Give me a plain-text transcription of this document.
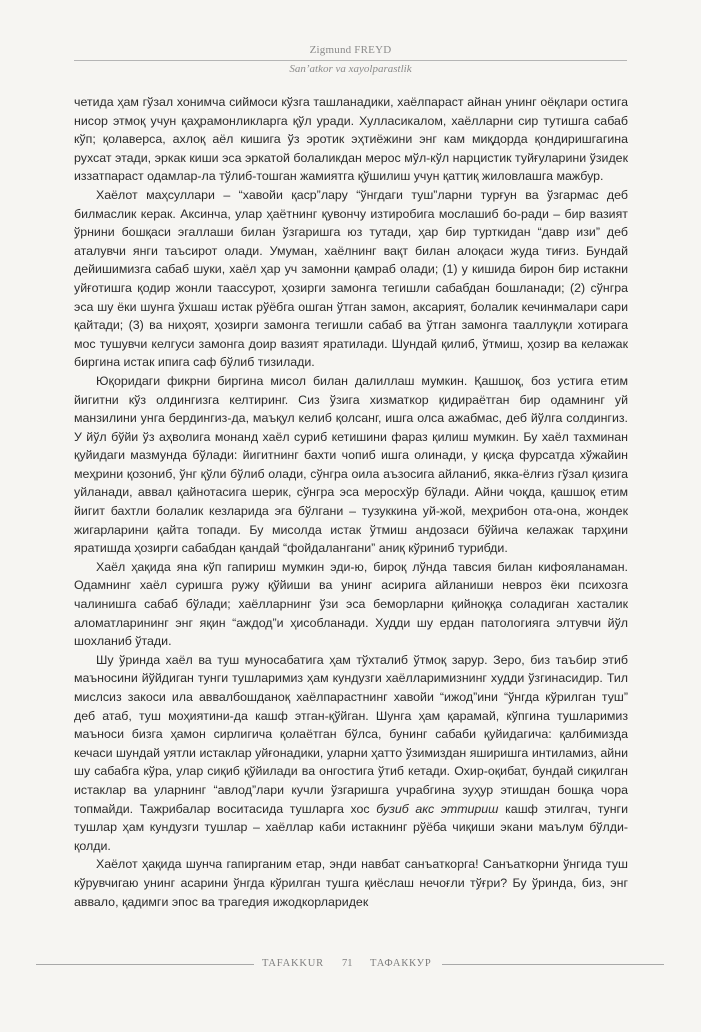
Zigmund FREYD
San’atkor va xayolparastlik

четида ҳам гўзал хонимча сиймоси кўзга ташланадики, хаёлпараст айнан унинг оёқлари остига нисор этмоқ учун қаҳрамонликларга қўл уради. Хулласикалом, хаёлларни сир тутишга сабаб кўп; қолаверса, ахлоқ аёл кишига ўз эротик эҳтиёжини энг кам миқдорда қондиришгагина рухсат этади, эркак киши эса эркатой болаликдан мерос мўл-кўл нарцистик туйғуларини ўзидек иззатпараст одамлар-ла тўлиб-тошган жамиятга қўшилиш учун қаттиқ жиловлашга мажбур.

Хаёлот маҳсуллари – “хавойи қаср”лару “ўнгдаги туш”ларни турғун ва ўзгармас деб билмаслик керак. Аксинча, улар ҳаётнинг қувончу изтиробига мослашиб бо-ради – бир вазият ўрнини бошқаси эгаллаши билан ўзгаришга юз тутади, ҳар бир турткидан “давр изи” деб аталувчи янги таъсирот олади. Умуман, хаёлнинг вақт билан алоқаси жуда тиғиз. Бундай дейишимизга сабаб шуки, хаёл ҳар уч замонни қамраб олади; (1) у кишида бирон бир истакни уйғотишга қодир жонли таассурот, ҳозирги замонга тегишли сабабдан бошланади; (2) сўнгра эса шу ёки шунга ўхшаш истак рўёбга ошган ўтган замон, аксарият, болалик кечинмалари сари қайтади; (3) ва ниҳоят, ҳозирги замонга тегишли сабаб ва ўтган замонга тааллуқли хотирага мос тушувчи келгуси замонга доир вазият яратилади. Шундай қилиб, ўтмиш, ҳозир ва келажак биргина истак ипига саф бўлиб тизилади.

Юқоридаги фикрни биргина мисол билан далиллаш мумкин. Қашшоқ, боз устига етим йигитни кўз олдингизга келтиринг. Сиз ўзига хизматкор қидираётган бир одамнинг уй манзилини унга бердингиз-да, маъқул келиб қолсанг, ишга олса ажабмас, деб йўлга солдингиз. У йўл бўйи ўз аҳволига монанд хаёл суриб кетишини фараз қилиш мумкин. Бу хаёл тахминан қуйидаги мазмунда бўлади: йигитнинг бахти чопиб ишга олинади, у қисқа фурсатда хўжайин меҳрини қозониб, ўнг қўли бўлиб олади, сўнгра оила аъзосига айланиб, якка-ёлғиз гўзал қизига уйланади, аввал қайнотасига шерик, сўнгра эса меросхўр бўлади. Айни чоқда, қашшоқ етим йигит бахтли болалик кезларида эга бўлгани – тузуккина уй-жой, меҳрибон ота-она, жондек жигарларини қайта топади. Бу мисолда истак ўтмиш андозаси бўйича келажак тарҳини яратишда ҳозирги сабабдан қандай “фойдалангани” аниқ кўриниб турибди.

Хаёл ҳақида яна кўп гапириш мумкин эди-ю, бироқ лўнда тавсия билан кифояланаман. Одамнинг хаёл суришга ружу қўйиши ва унинг асирига айланиши невроз ёки психозга чалинишга сабаб бўлади; хаёлларнинг ўзи эса беморларни қийноққа соладиган хасталик аломатларининг энг яқин “аждод”и ҳисобланади. Худди шу ердан патологияга элтувчи йўл шохланиб ўтади.

Шу ўринда хаёл ва туш муносабатига ҳам тўхталиб ўтмоқ зарур. Зеро, биз таъбир этиб маъносини йўйдиган тунги тушларимиз ҳам кундузги хаёлларимизнинг худди ўзгинасидир. Тил мислсиз закоси ила аввалбошданоқ хаёлпарастнинг хавойи “ижод”ини “ўнгда кўрилган туш” деб атаб, туш моҳиятини-да кашф этган-қўйган. Шунга ҳам қарамай, кўпгина тушларимиз маъноси бизга ҳамон сирлигича қолаётган бўлса, бунинг сабаби қуйидагича: қалбимизда кечаси шундай уятли истаклар уйғонадики, уларни ҳатто ўзимиздан яширишга интиламиз, айни шу сабабга кўра, улар сиқиб қўйилади ва онгостига ўтиб кетади. Охир-оқибат, бундай сиқилган истаклар ва уларнинг “авлод”лари кучли ўзгаришга учрабгина зуҳур этишдан бошқа чора топмайди. Тажрибалар воситасида тушларга хос бузиб акс эттириш кашф этилгач, тунги тушлар ҳам кундузги тушлар – хаёллар каби истакнинг рўёба чиқиши экани маълум бўлди-қолди.

Хаёлот ҳақида шунча гапирганим етар, энди навбат санъаткорга! Санъаткорни ўнгида туш кўрувчигаю унинг асарини ўнгда кўрилган тушга қиёслаш нечоғли тўғри? Бу ўринда, биз, энг аввало, қадимги эпос ва трагедия ижодкорларидек

TAFAKKUR 71 ТАФАККУР
